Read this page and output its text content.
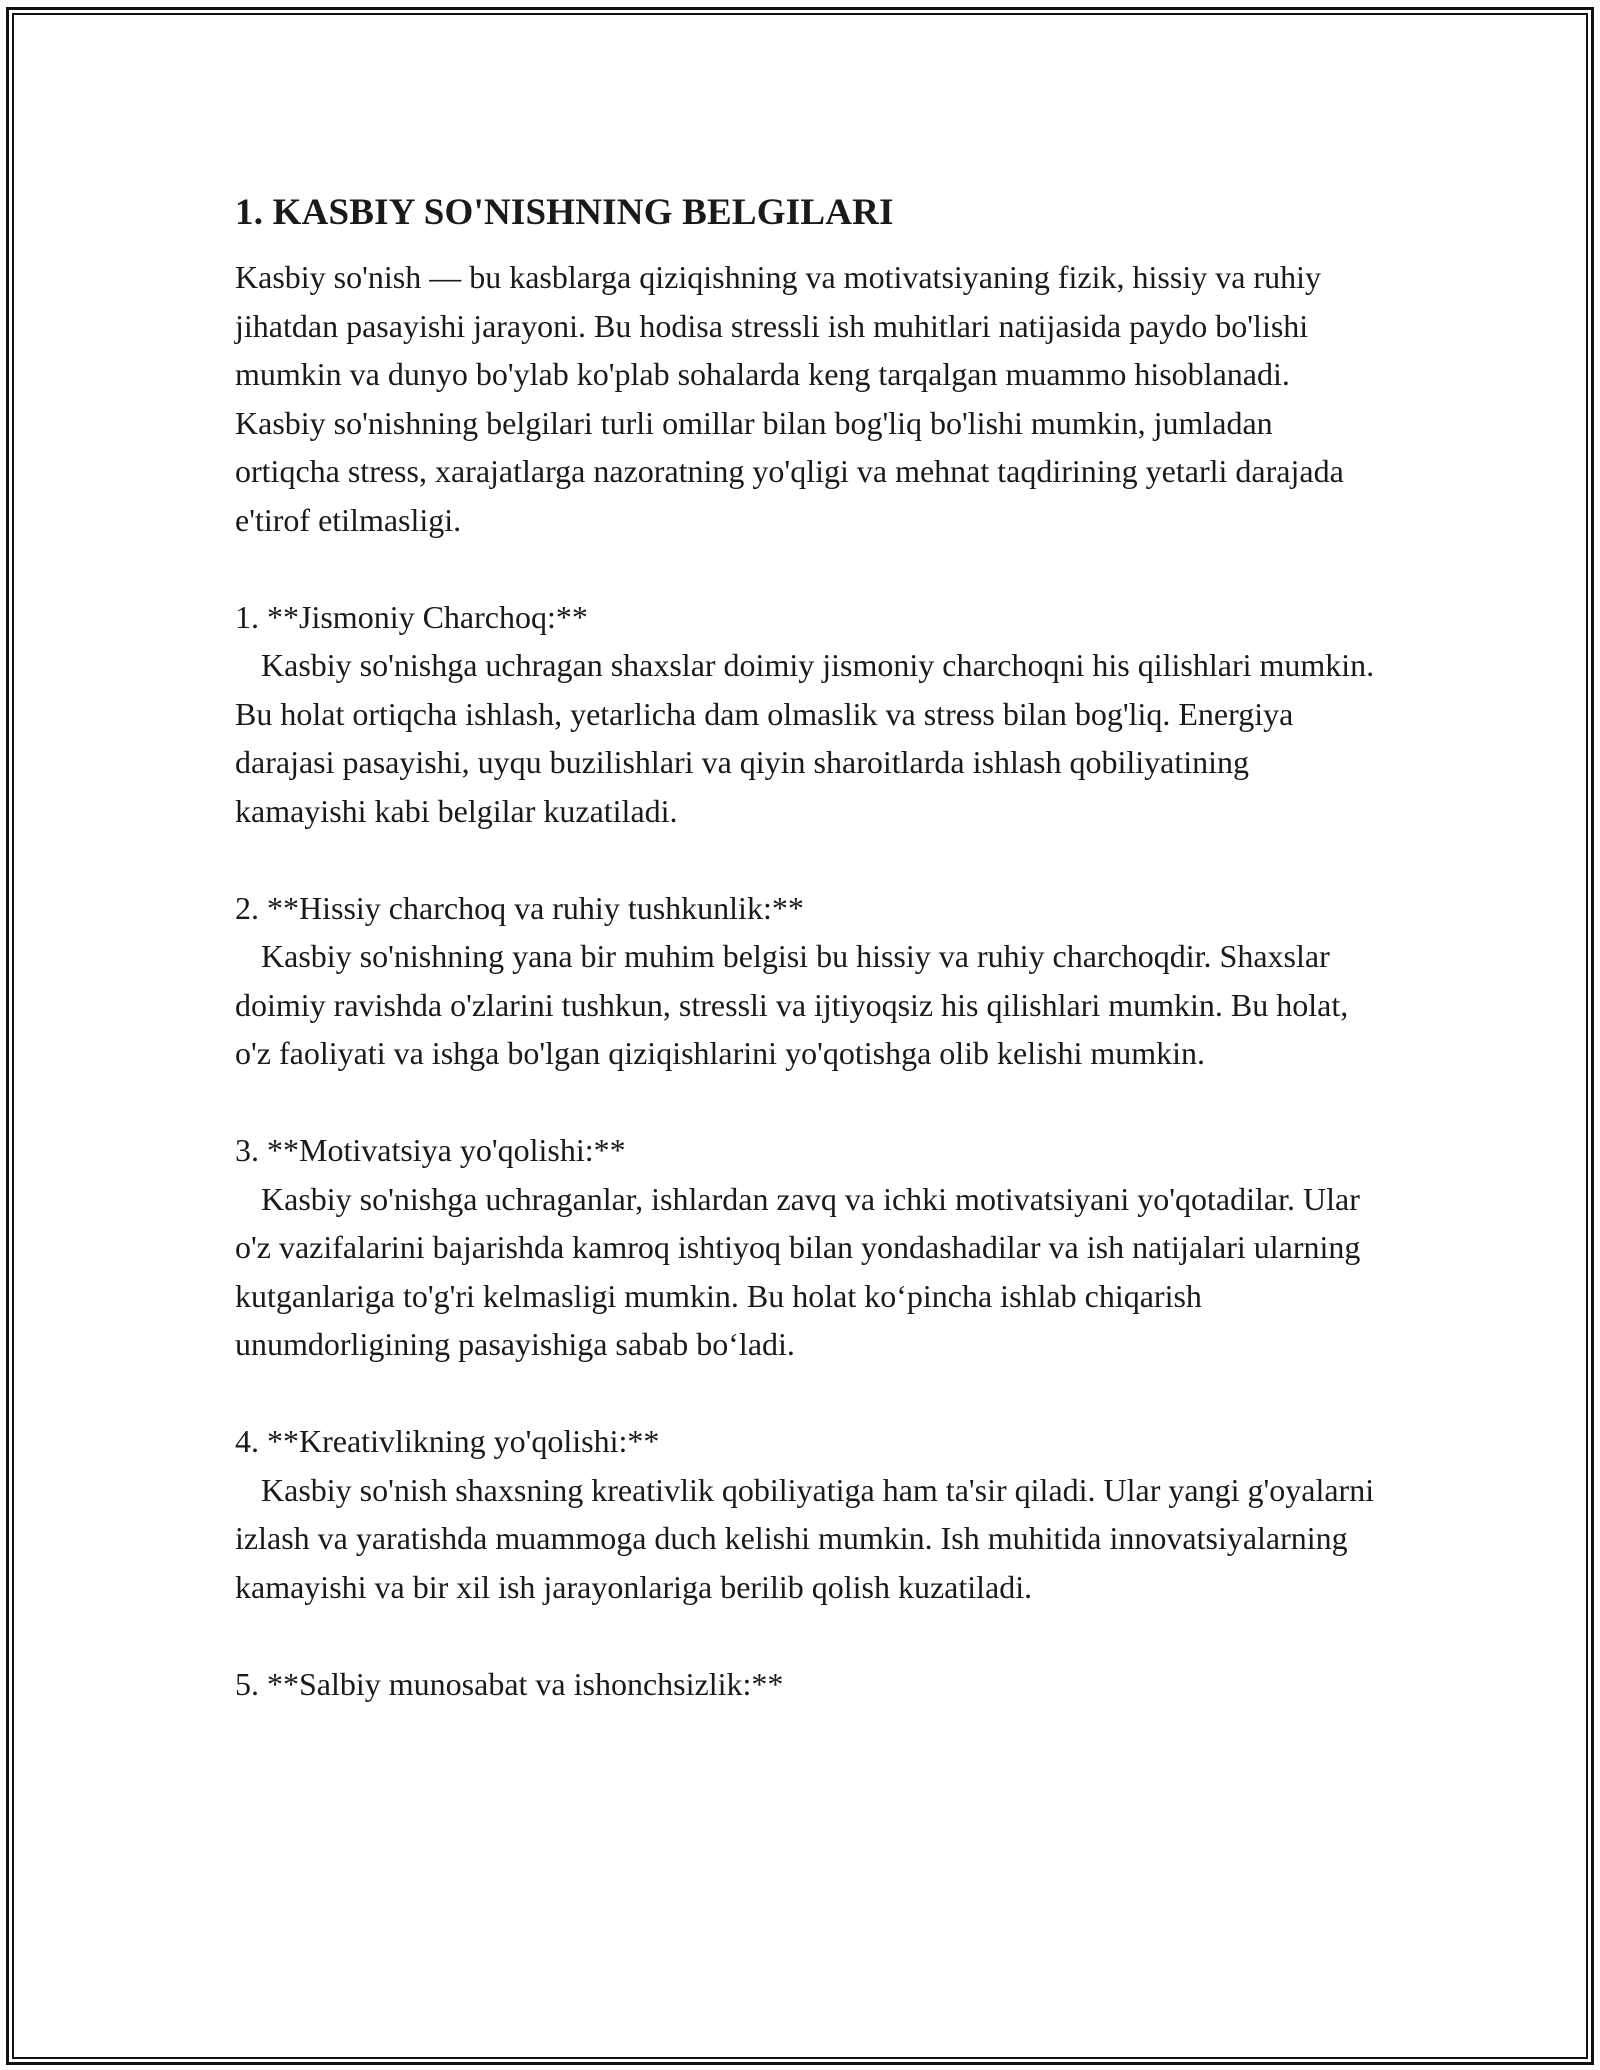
1. KASBIY SO'NISHNING BELGILARI

Kasbiy so'nish — bu kasblarga qiziqishning va motivatsiyaning fizik, hissiy va ruhiy jihatdan pasayishi jarayoni. Bu hodisa stressli ish muhitlari natijasida paydo bo'lishi mumkin va dunyo bo'ylab ko'plab sohalarda keng tarqalgan muammo hisoblanadi. Kasbiy so'nishning belgilari turli omillar bilan bog'liq bo'lishi mumkin, jumladan ortiqcha stress, xarajatlarga nazoratning yo'qligi va mehnat taqdirining yetarli darajada e'tirof etilmasligi.

1. **Jismoniy Charchoq:**

Kasbiy so'nishga uchragan shaxslar doimiy jismoniy charchoqni his qilishlari mumkin. Bu holat ortiqcha ishlash, yetarlicha dam olmaslik va stress bilan bog'liq. Energiya darajasi pasayishi, uyqu buzilishlari va qiyin sharoitlarda ishlash qobiliyatining kamayishi kabi belgilar kuzatiladi.

2. **Hissiy charchoq va ruhiy tushkunlik:**

Kasbiy so'nishning yana bir muhim belgisi bu hissiy va ruhiy charchoqdir. Shaxslar doimiy ravishda o'zlarini tushkun, stressli va ijtiyoqsiz his qilishlari mumkin. Bu holat, o'z faoliyati va ishga bo'lgan qiziqishlarini yo'qotishga olib kelishi mumkin.

3. **Motivatsiya yo'qolishi:**

Kasbiy so'nishga uchraganlar, ishlardan zavq va ichki motivatsiyani yo'qotadilar. Ular o'z vazifalarini bajarishda kamroq ishtiyoq bilan yondashadilar va ish natijalari ularning kutganlariga to'g'ri kelmasligi mumkin. Bu holat ko‘pincha ishlab chiqarish unumdorligining pasayishiga sabab bo‘ladi.

4. **Kreativlikning yo'qolishi:**

Kasbiy so'nish shaxsning kreativlik qobiliyatiga ham ta'sir qiladi. Ular yangi g'oyalarni izlash va yaratishda muammoga duch kelishi mumkin. Ish muhitida innovatsiyalarning kamayishi va bir xil ish jarayonlariga berilib qolish kuzatiladi.

5. **Salbiy munosabat va ishonchsizlik:**
